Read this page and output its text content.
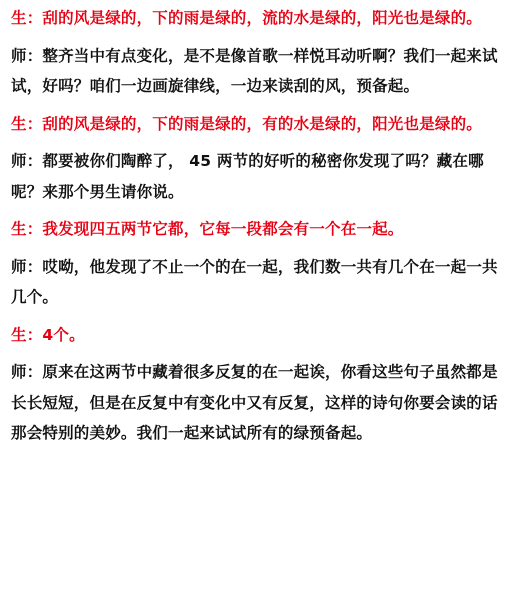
生：刮的风是绿的，下的雨是绿的，流的水是绿的，阳光也是绿的。

师：整齐当中有点变化，是不是像首歌一样悦耳动听啊？我们一起来试试，好吗？咱们一边画旋律线，一边来读刮的风，预备起。

生：刮的风是绿的，下的雨是绿的，有的水是绿的，阳光也是绿的。

师：都要被你们陶醉了， 45 两节的好听的秘密你发现了吗？藏在哪呢？来那个男生请你说。

生：我发现四五两节它都，它每一段都会有一个在一起。

师：哎呦，他发现了不止一个的在一起，我们数一共有几个在一起一共几个。

生：4个。

师：原来在这两节中藏着很多反复的在一起诶，你看这些句子虽然都是长长短短，但是在反复中有变化中又有反复，这样的诗句你要会读的话那会特别的美妙。我们一起来试试所有的绿预备起。
